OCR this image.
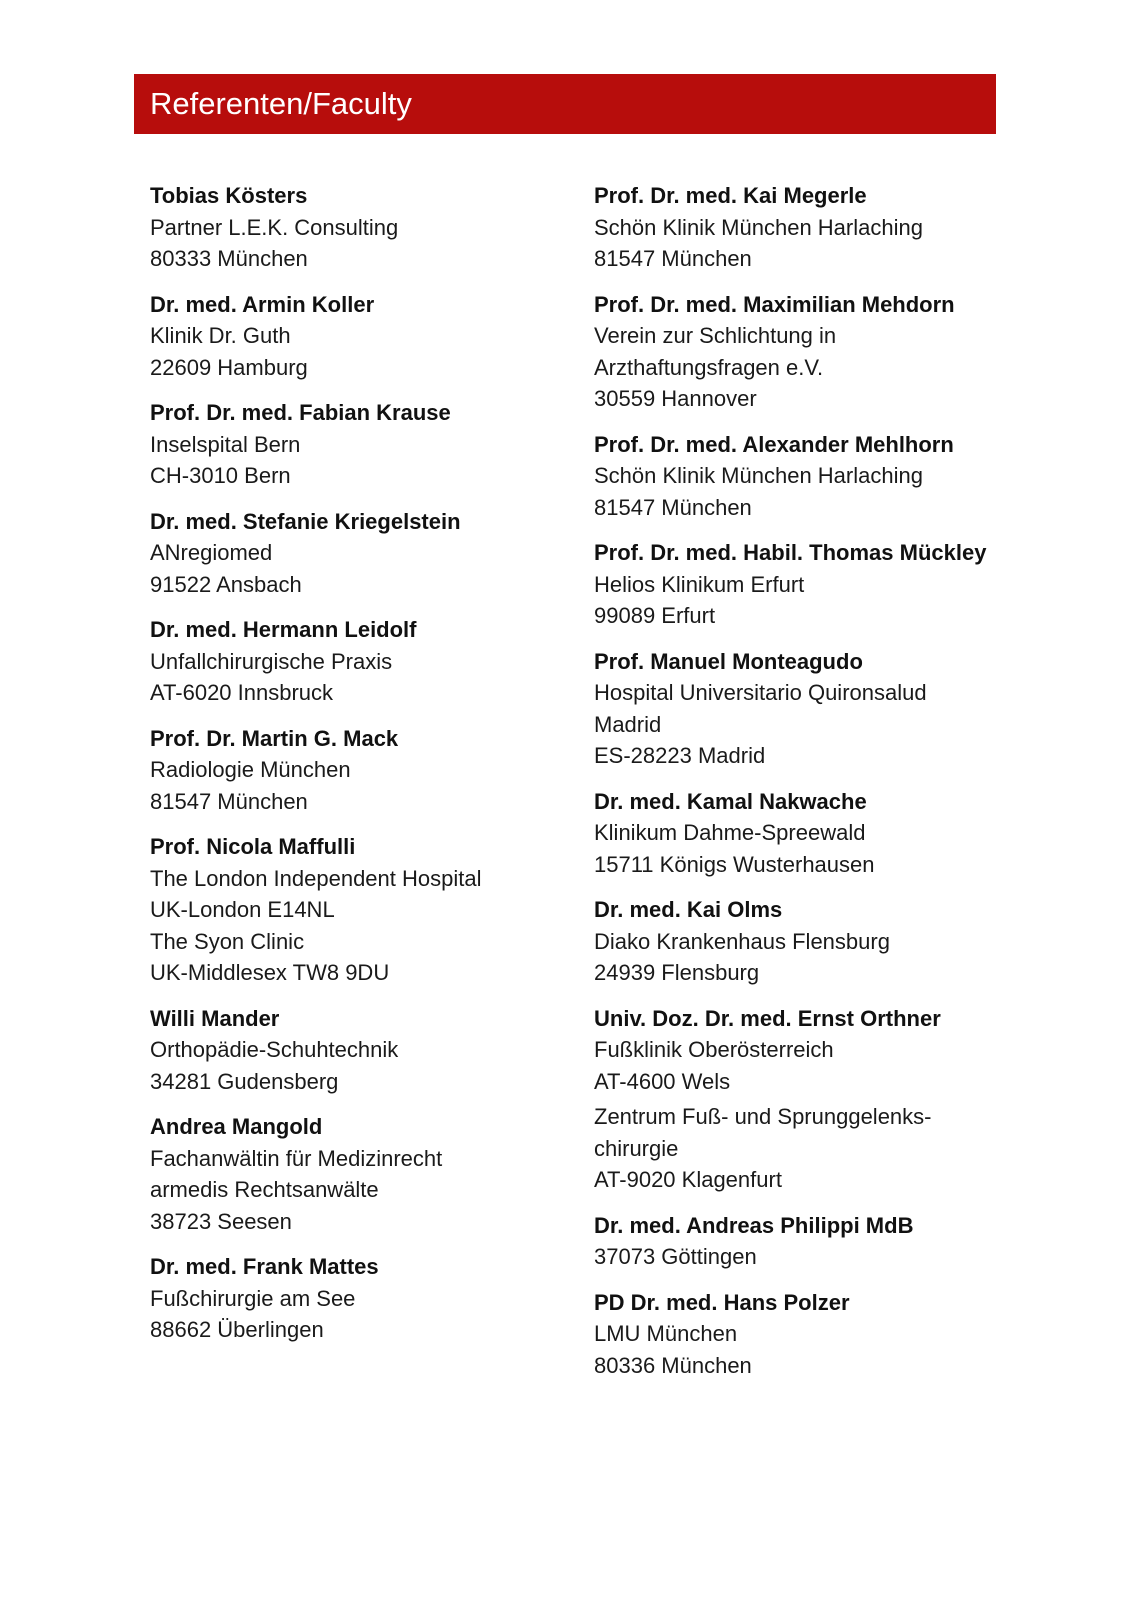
Referenten/Faculty
Tobias Kösters
Partner L.E.K. Consulting
80333 München
Dr. med. Armin Koller
Klinik Dr. Guth
22609 Hamburg
Prof. Dr. med. Fabian Krause
Inselspital Bern
CH-3010 Bern
Dr. med. Stefanie Kriegelstein
ANregiomed
91522 Ansbach
Dr. med. Hermann Leidolf
Unfallchirurgische Praxis
AT-6020 Innsbruck
Prof. Dr. Martin G. Mack
Radiologie München
81547 München
Prof. Nicola Maffulli
The London Independent Hospital
UK-London E14NL
The Syon Clinic
UK-Middlesex TW8 9DU
Willi Mander
Orthopädie-Schuhtechnik
34281 Gudensberg
Andrea Mangold
Fachanwältin für Medizinrecht
armedis Rechtsanwälte
38723 Seesen
Dr. med. Frank Mattes
Fußchirurgie am See
88662 Überlingen
Prof. Dr. med. Kai Megerle
Schön Klinik München Harlaching
81547 München
Prof. Dr. med. Maximilian Mehdorn
Verein zur Schlichtung in
Arzthaftungsfragen e.V.
30559 Hannover
Prof. Dr. med. Alexander Mehlhorn
Schön Klinik München Harlaching
81547 München
Prof. Dr. med. Habil. Thomas Mückley
Helios Klinikum Erfurt
99089 Erfurt
Prof. Manuel Monteagudo
Hospital Universitario Quironsalud
Madrid
ES-28223 Madrid
Dr. med. Kamal Nakwache
Klinikum Dahme-Spreewald
15711 Königs Wusterhausen
Dr. med. Kai Olms
Diako Krankenhaus Flensburg
24939 Flensburg
Univ. Doz. Dr. med. Ernst Orthner
Fußklinik Oberösterreich
AT-4600 Wels
Zentrum Fuß- und Sprunggelenks-
chirurgie
AT-9020 Klagenfurt
Dr. med. Andreas Philippi MdB
37073 Göttingen
PD Dr. med. Hans Polzer
LMU München
80336 München
